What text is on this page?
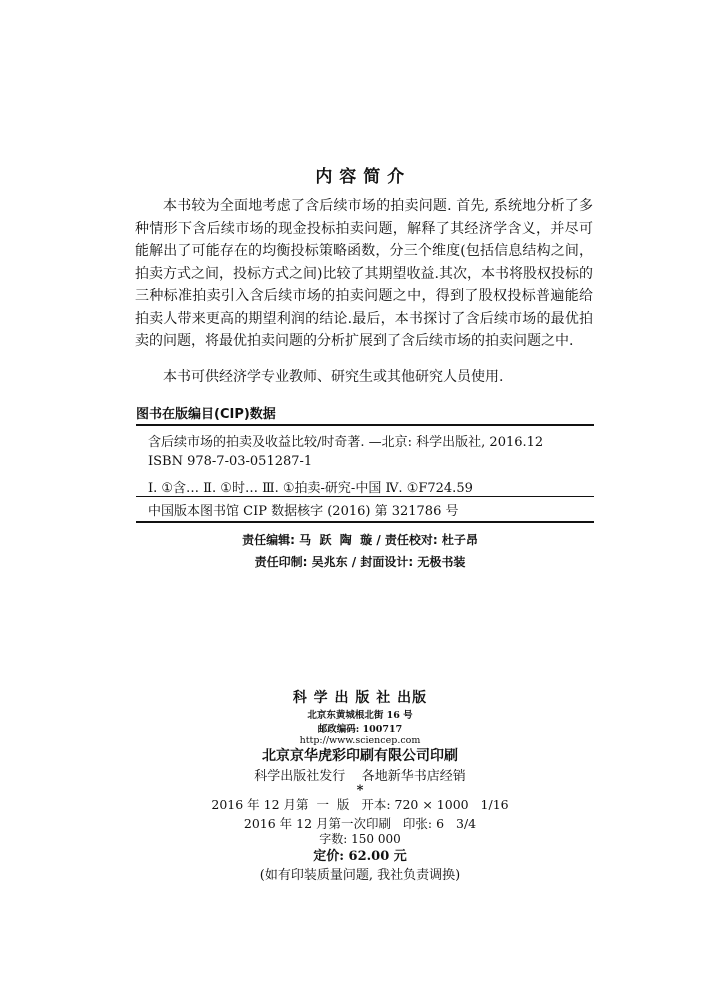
内 容 简 介
本书较为全面地考虑了含后续市场的拍卖问题. 首先, 系统地分析了多种情形下含后续市场的现金投标拍卖问题，解释了其经济学含义，并尽可能解出了可能存在的均衡投标策略函数，分三个维度(包括信息结构之间，拍卖方式之间，投标方式之间)比较了其期望收益.其次，本书将股权投标的三种标准拍卖引入含后续市场的拍卖问题之中，得到了股权投标普遍能给拍卖人带来更高的期望利润的结论.最后，本书探讨了含后续市场的最优拍卖的问题，将最优拍卖问题的分析扩展到了含后续市场的拍卖问题之中.
本书可供经济学专业教师、研究生或其他研究人员使用.
图书在版编目(CIP)数据
含后续市场的拍卖及收益比较/时奇著. —北京: 科学出版社, 2016.12
ISBN 978-7-03-051287-1
Ⅰ. ①含… Ⅱ. ①时… Ⅲ. ①拍卖-研究-中国 Ⅳ. ①F724.59
中国版本图书馆 CIP 数据核字 (2016) 第 321786 号
责任编辑: 马  跃  陶  璇 / 责任校对: 杜子昂
责任印制: 吴兆东 / 封面设计: 无极书装
科 学 出 版 社 出版
北京东黄城根北街 16 号
邮政编码: 100717
http://www.sciencep.com
北京京华虎彩印刷有限公司印刷
科学出版社发行    各地新华书店经销
*
2016 年 12 月第  一  版   开本: 720 × 1000   1/16
2016 年 12 月第一次印刷   印张: 6   3/4
字数: 150 000
定价: 62.00 元
(如有印装质量问题, 我社负责调换)
